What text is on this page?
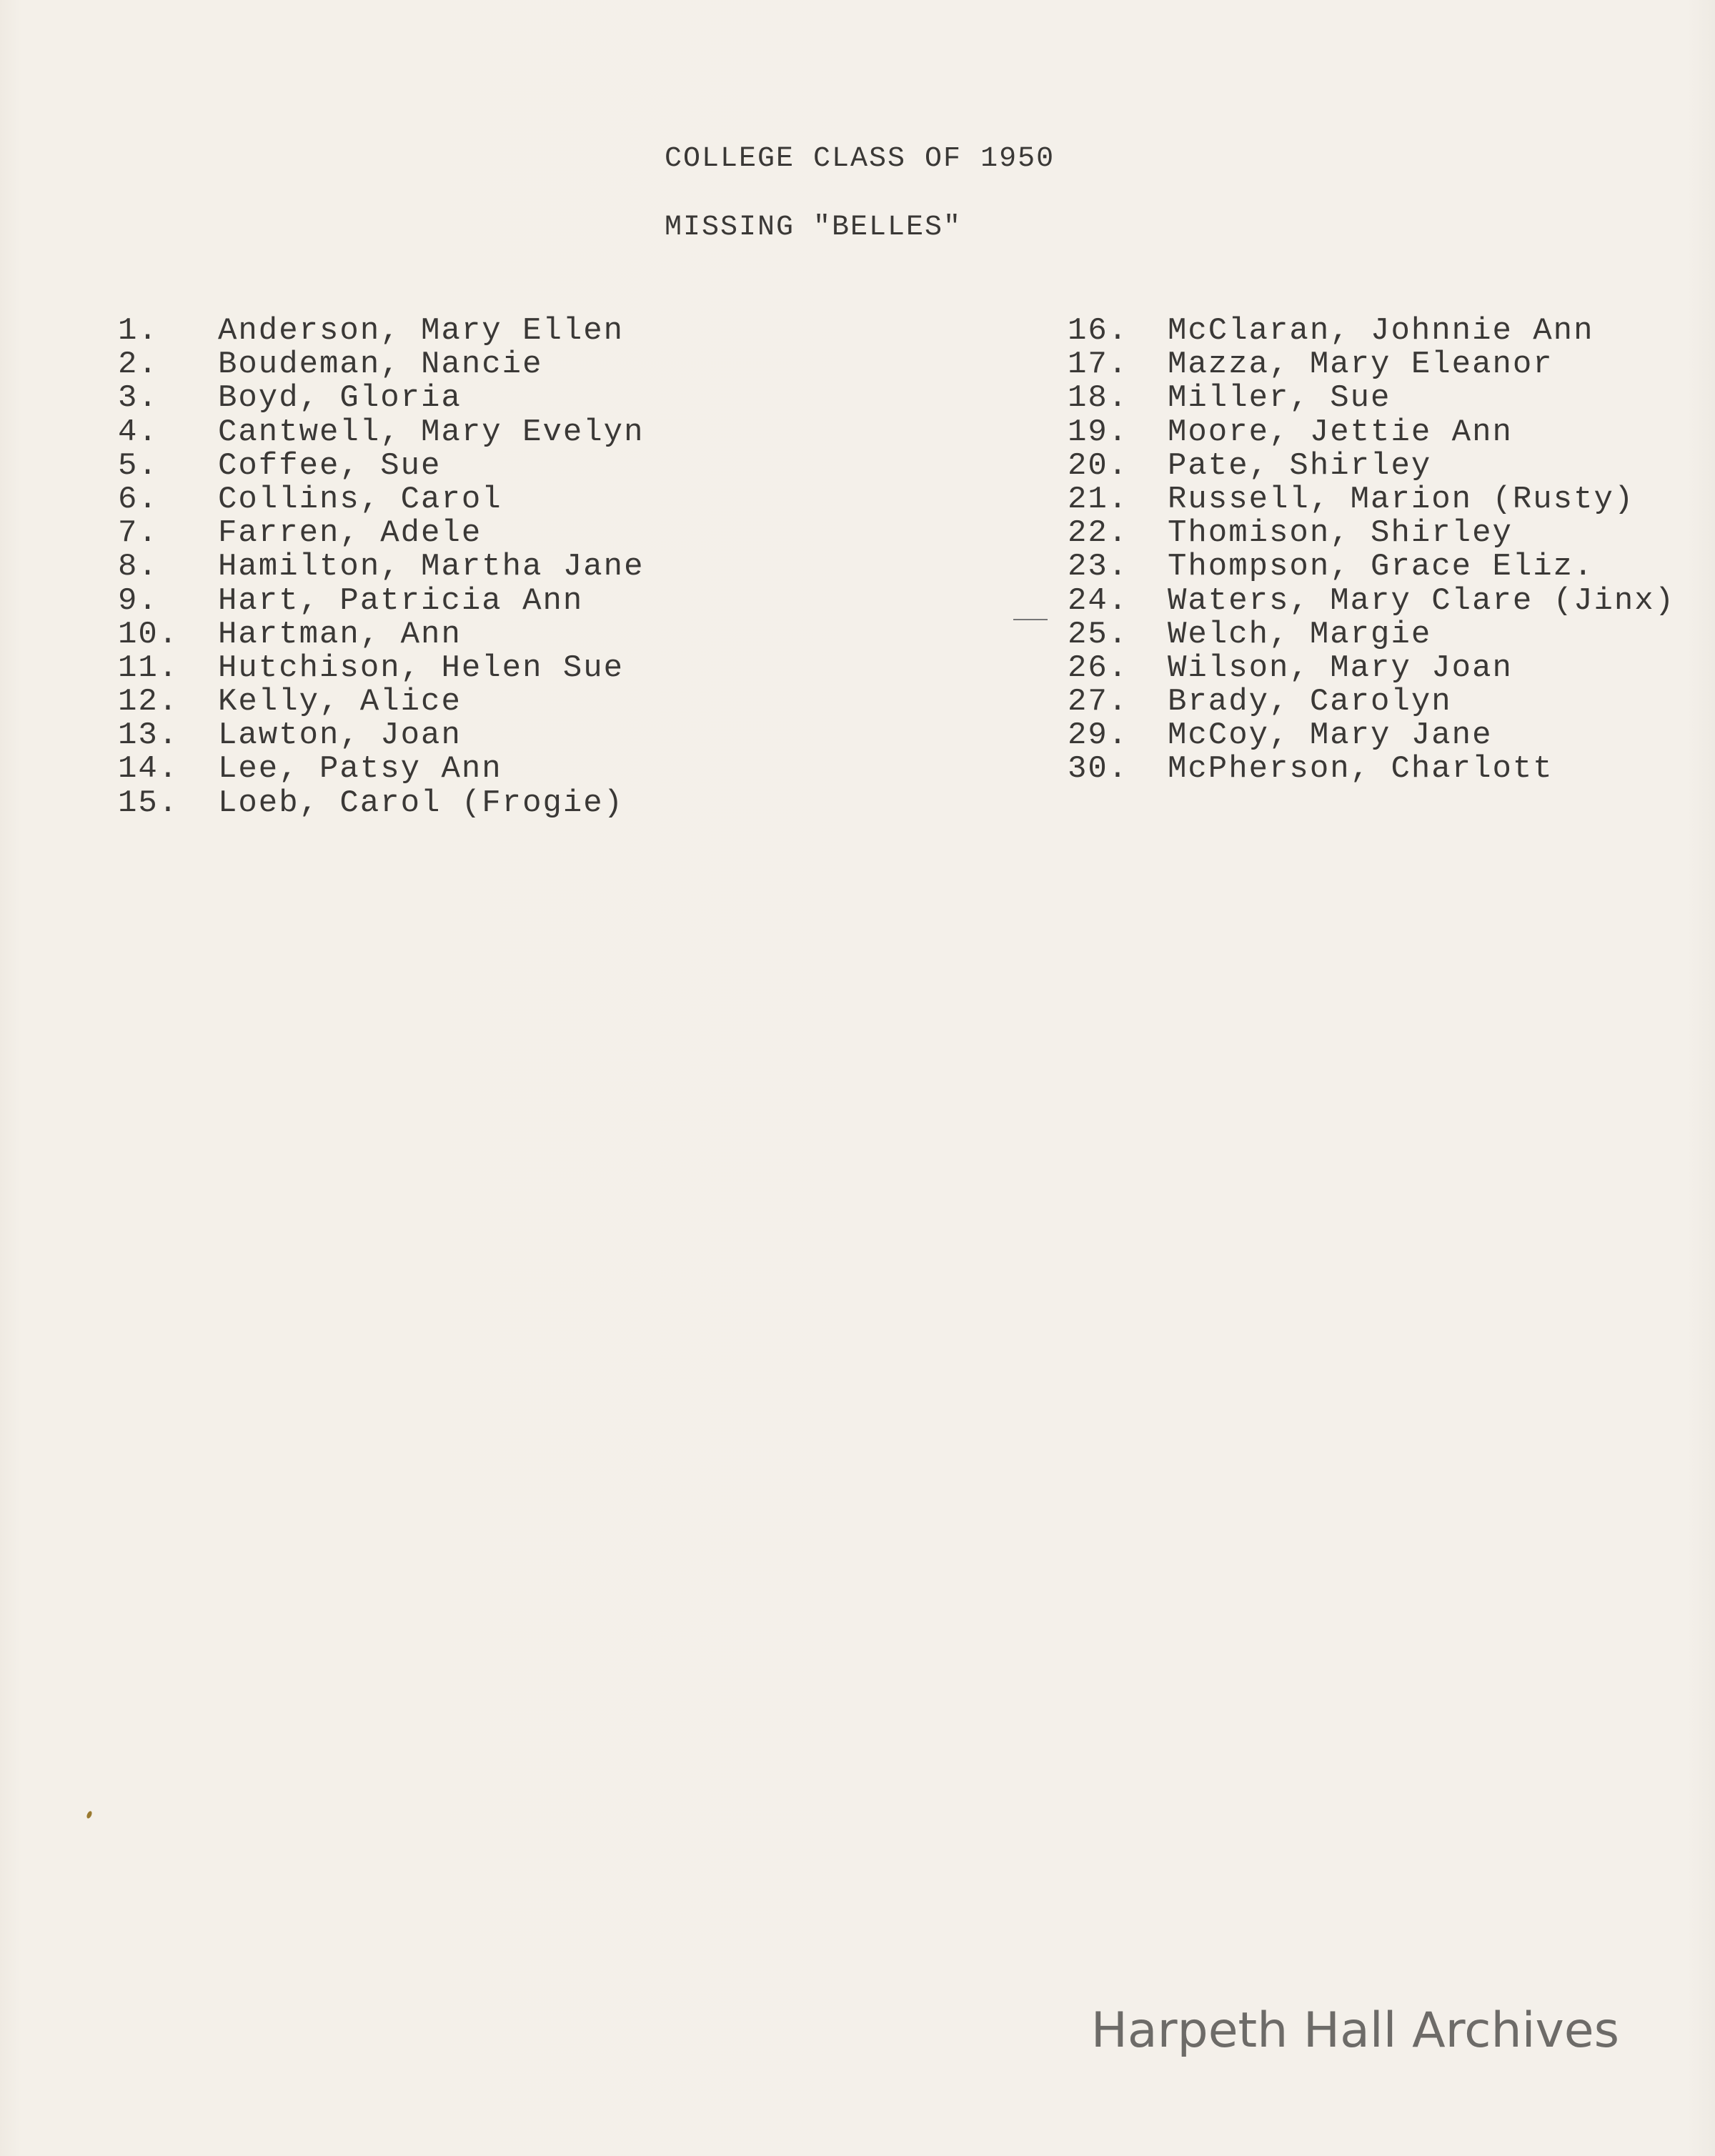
COLLEGE CLASS OF 1950
MISSING "BELLES"
1. Anderson, Mary Ellen
2. Boudeman, Nancie
3. Boyd, Gloria
4. Cantwell, Mary Evelyn
5. Coffee, Sue
6. Collins, Carol
7. Farren, Adele
8. Hamilton, Martha Jane
9. Hart, Patricia Ann
10. Hartman, Ann
11. Hutchison, Helen Sue
12. Kelly, Alice
13. Lawton, Joan
14. Lee, Patsy Ann
15. Loeb, Carol (Frogie)
16. McClaran, Johnnie Ann
17. Mazza, Mary Eleanor
18. Miller, Sue
19. Moore, Jettie Ann
20. Pate, Shirley
21. Russell, Marion (Rusty)
22. Thomison, Shirley
23. Thompson, Grace Eliz.
24. Waters, Mary Clare (Jinx)
25. Welch, Margie
26. Wilson, Mary Joan
27. Brady, Carolyn
29. McCoy, Mary Jane
30. McPherson, Charlott
Harpeth Hall Archives
